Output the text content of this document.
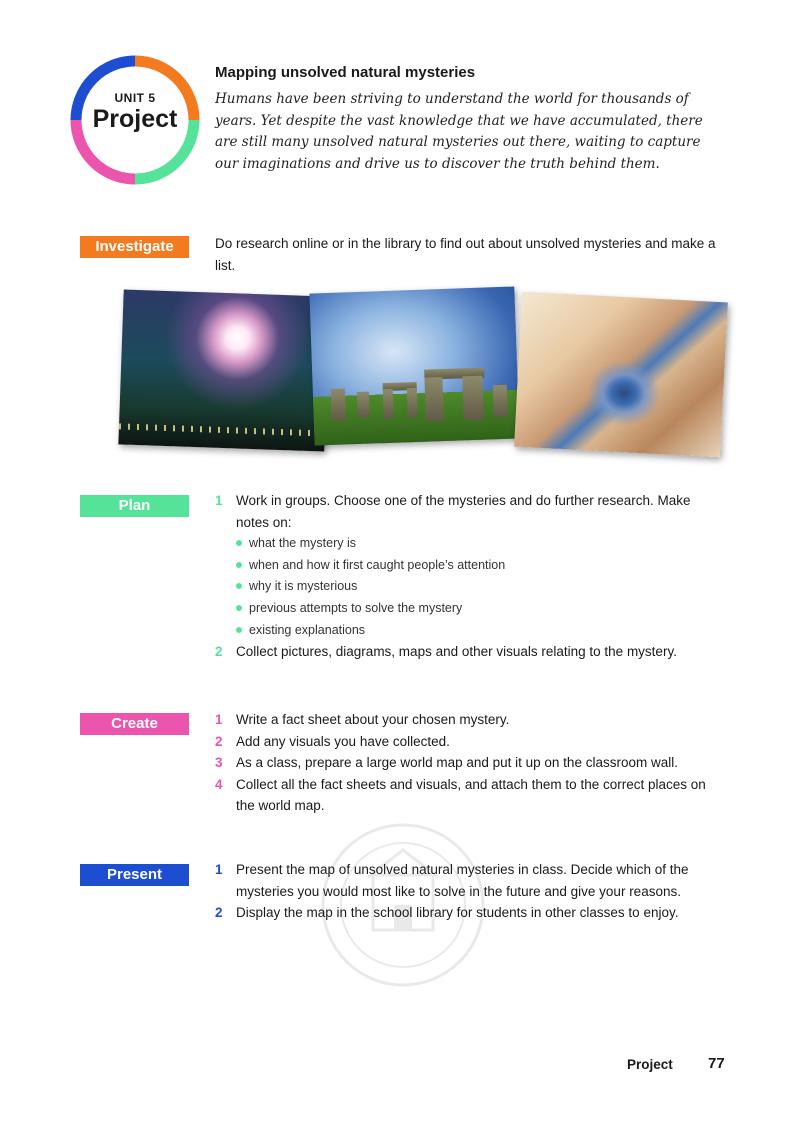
UNIT 5
Project
Mapping unsolved natural mysteries
Humans have been striving to understand the world for thousands of years. Yet despite the vast knowledge that we have accumulated, there are still many unsolved natural mysteries out there, waiting to capture our imaginations and drive us to discover the truth behind them.
Investigate	Do research online or in the library to find out about unsolved mysteries and make a list.
Plan	1 Work in groups. Choose one of the mysteries and do further research. Make notes on:
what the mystery is
when and how it first caught people’s attention
why it is mysterious
previous attempts to solve the mystery
existing explanations
2 Collect pictures, diagrams, maps and other visuals relating to the mystery.
Create	1 Write a fact sheet about your chosen mystery.
2 Add any visuals you have collected.
3 As a class, prepare a large world map and put it up on the classroom wall.
4 Collect all the fact sheets and visuals, and attach them to the correct places on the world map.
Present	1 Present the map of unsolved natural mysteries in class. Decide which of the mysteries you would most like to solve in the future and give your reasons.
2 Display the map in the school library for students in other classes to enjoy.
Project 77
